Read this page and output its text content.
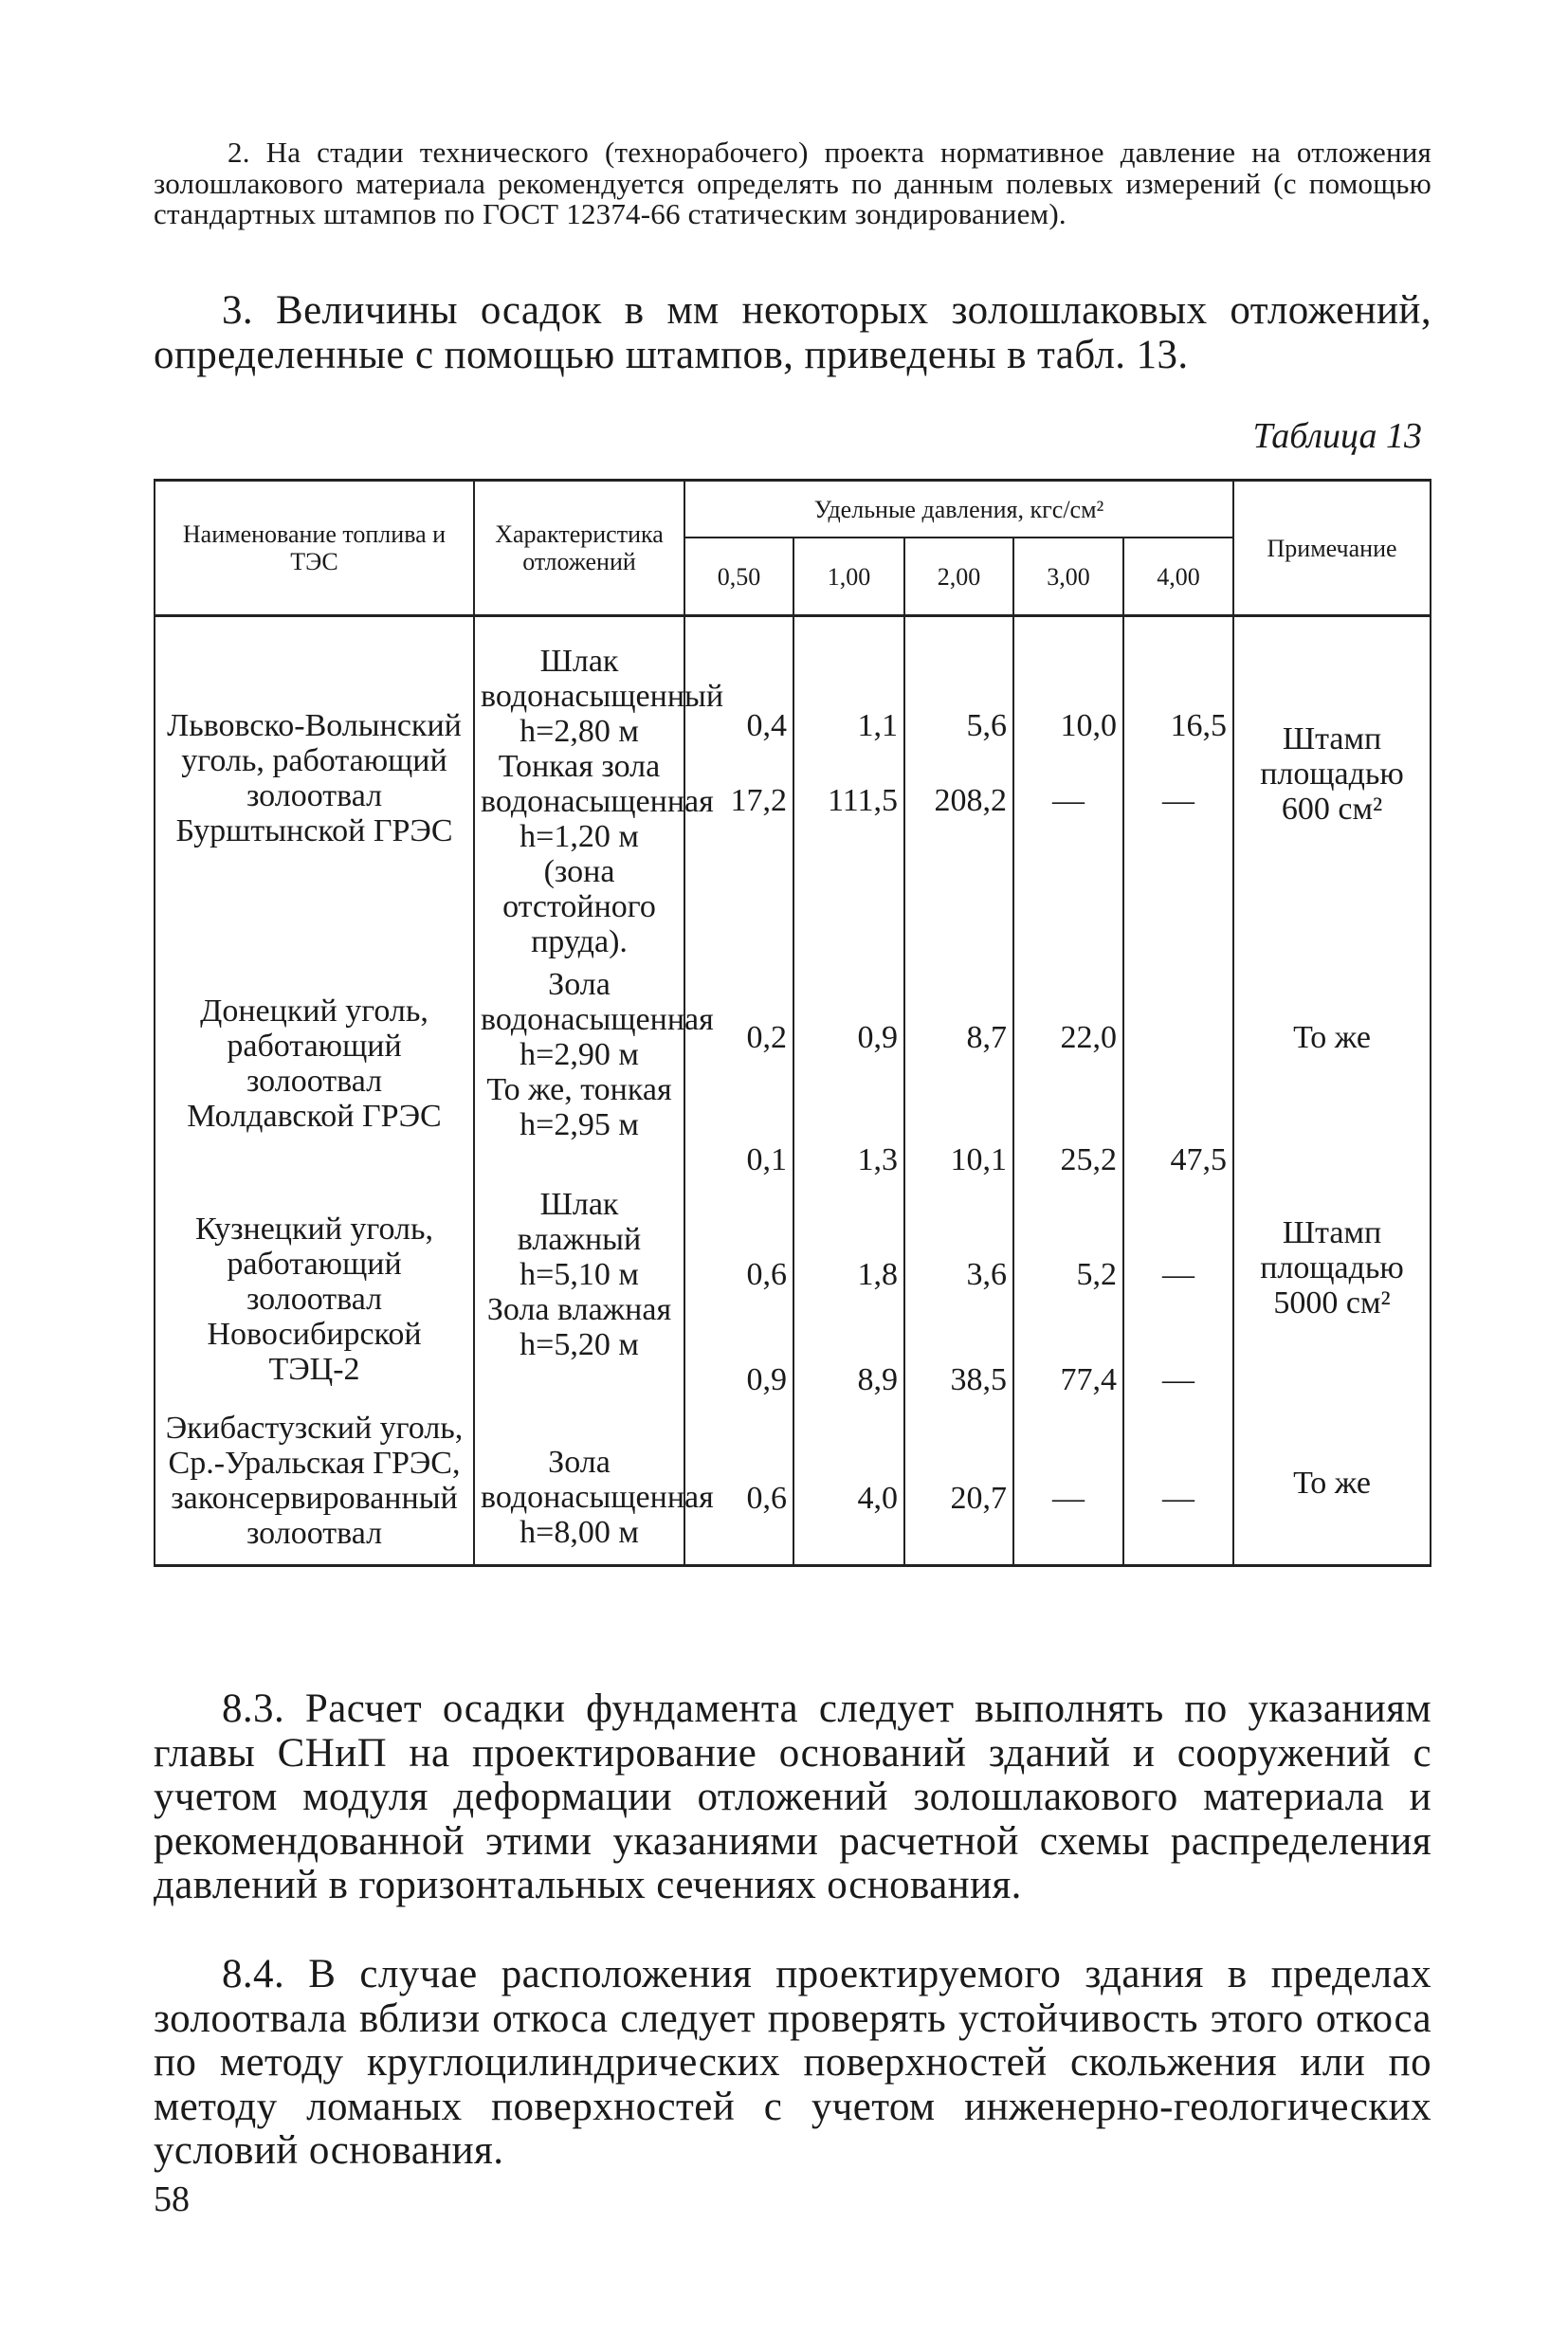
2. На стадии технического (технорабочего) проекта нормативное давление на отложения золошлакового материала рекомендуется определять по данным полевых измерений (с помощью стандартных штампов по ГОСТ 12374-66 статическим зондированием).
3. Величины осадок в мм некоторых золошлаковых отложений, определенные с помощью штампов, приведены в табл. 13.
Таблица 13
Наименование топлива и ТЭС	Характеристика отложений	Удельные давления, кгс/см²					Примечание
		0,50	1,00	2,00	3,00	4,00	
Львовско-Волынский уголь, работающий золоотвал Бурштынской ГРЭС	Шлак водонасыщенный h=2,80 м	0,4	1,1	5,6	10,0	16,5	Штамп площадью 600 см²
	Тонкая зола водонасыщенная h=1,20 м (зона отстойного пруда).	17,2	111,5	208,2	—	—	
Донецкий уголь, работающий золоотвал Молдавской ГРЭС	Зола водонасыщенная h=2,90 м	0,2	0,9	8,7	22,0		То же
	То же, тонкая h=2,95 м	0,1	1,3	10,1	25,2	47,5	
Кузнецкий уголь, работающий золоотвал Новосибирской ТЭЦ-2	Шлак влажный h=5,10 м	0,6	1,8	3,6	5,2	—	Штамп площадью 5000 см²
	Зола влажная h=5,20 м	0,9	8,9	38,5	77,4	—	
Экибастузский уголь, Ср.-Уральская ГРЭС, законсервированный золоотвал	Зола водонасыщенная h=8,00 м	0,6	4,0	20,7	—	—	То же
8.3. Расчет осадки фундамента следует выполнять по указаниям главы СНиП на проектирование оснований зданий и сооружений с учетом модуля деформации отложений золошлакового материала и рекомендованной этими указаниями расчетной схемы распределения давлений в горизонтальных сечениях основания.
8.4. В случае расположения проектируемого здания в пределах золоотвала вблизи откоса следует проверять устойчивость этого откоса по методу круглоцилиндрических поверхностей скольжения или по методу ломаных поверхностей с учетом инженерно-геологических условий основания.
58
